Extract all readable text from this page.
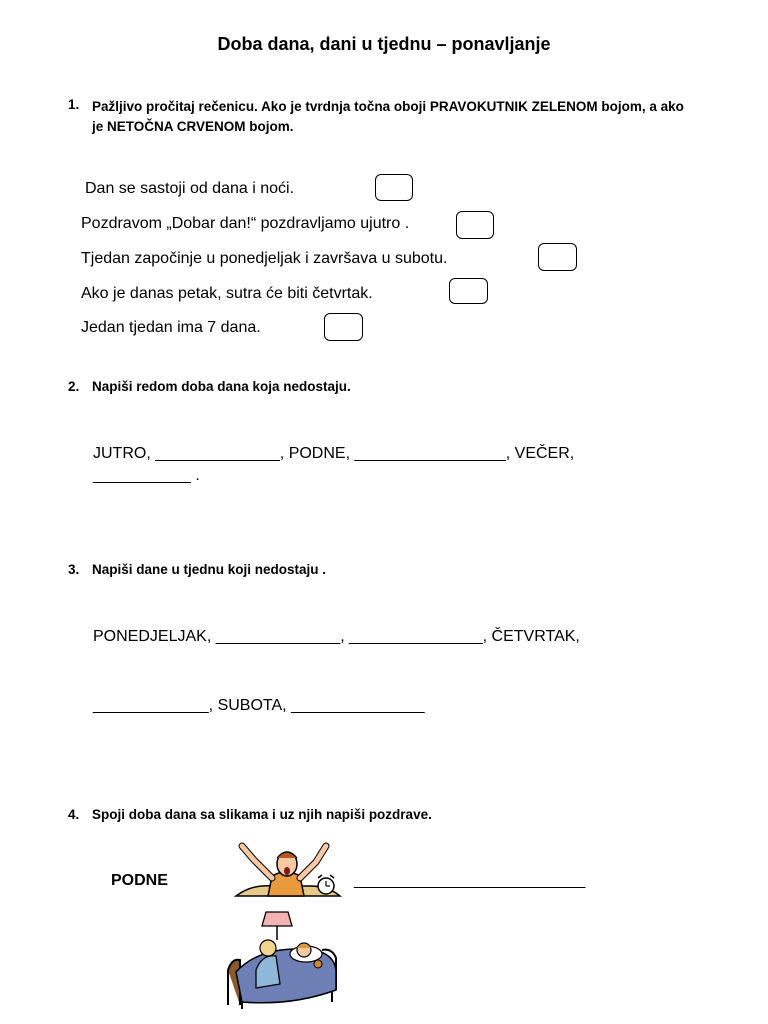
Doba dana, dani u tjednu – ponavljanje
1. Pažljivo pročitaj rečenicu. Ako je tvrdnja točna oboji PRAVOKUTNIK ZELENOM bojom, a ako je NETOČNA CRVENOM bojom.
Dan se sastoji od dana i noći.
Pozdravom „Dobar dan!“ pozdravljamo ujutro .
Tjedan započinje u ponedjeljak i završava u subotu.
Ako je danas petak, sutra će biti četvrtak.
Jedan tjedan ima 7 dana.
2. Napiši redom doba dana koja nedostaju.
JUTRO, ______________, PODNE, _________________, VEČER,
___________ .
3. Napiši dane u tjednu koji nedostaju .
PONEDJELJAK, ______________, _______________, ČETVRTAK,
_____________, SUBOTA, _______________
4. Spoji doba dana sa slikama i uz njih napiši pozdrave.
PODNE	__________________________
